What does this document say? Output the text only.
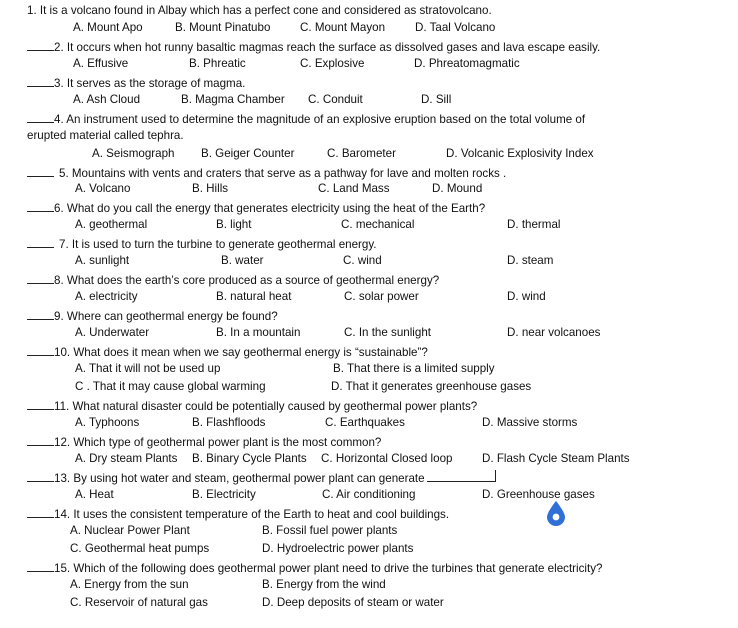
1. It is a volcano found in Albay which has a perfect cone and considered as stratovolcano.
A. Mount Apo	B. Mount Pinatubo	C. Mount Mayon	D. Taal Volcano
2. It occurs when hot runny basaltic magmas reach the surface as dissolved gases and lava escape easily.
A. Effusive	B. Phreatic	C. Explosive	D. Phreatomagmatic
3. It serves as the storage of magma.
A. Ash Cloud	B. Magma Chamber C. Conduit	D. Sill
4. An instrument used to determine the magnitude of an explosive eruption based on the total volume of
erupted material called tephra.
A. Seismograph B. Geiger Counter	C. Barometer	D. Volcanic Explosivity Index
5. Mountains with vents and craters that serve as a pathway for lave and molten rocks .
A. Volcano	B. Hills	C. Land Mass	D. Mound
6. What do you call the energy that generates electricity using the heat of the Earth?
A. geothermal	B. light	C. mechanical	D. thermal
7. It is used to turn the turbine to generate geothermal energy.
A. sunlight	B. water	C. wind	D. steam
8. What does the earth’s core produced as a source of geothermal energy?
A. electricity	B. natural heat	C. solar power	D. wind
9. Where can geothermal energy be found?
A. Underwater	B. In a mountain	C. In the sunlight	D. near volcanoes
10. What does it mean when we say geothermal energy is “sustainable”?
A. That it will not be used up	B. That there is a limited supply
C . That it may cause global warming	D. That it generates greenhouse gases
11. What natural disaster could be potentially caused by geothermal power plants?
A. Typhoons	B. Flashfloods	C. Earthquakes	D. Massive storms
12. Which type of geothermal power plant is the most common?
A. Dry steam Plants B. Binary Cycle Plants C. Horizontal Closed loop	D. Flash Cycle Steam Plants
13. By using hot water and steam, geothermal power plant can generate
A. Heat	B. Electricity	C. Air conditioning	D. Greenhouse gases
14. It uses the consistent temperature of the Earth to heat and cool buildings.
A. Nuclear Power Plant	B. Fossil fuel power plants
C. Geothermal heat pumps	D. Hydroelectric power plants
15. Which of the following does geothermal power plant need to drive the turbines that generate electricity?
A. Energy from the sun	B. Energy from the wind
C. Reservoir of natural gas	D. Deep deposits of steam or water
